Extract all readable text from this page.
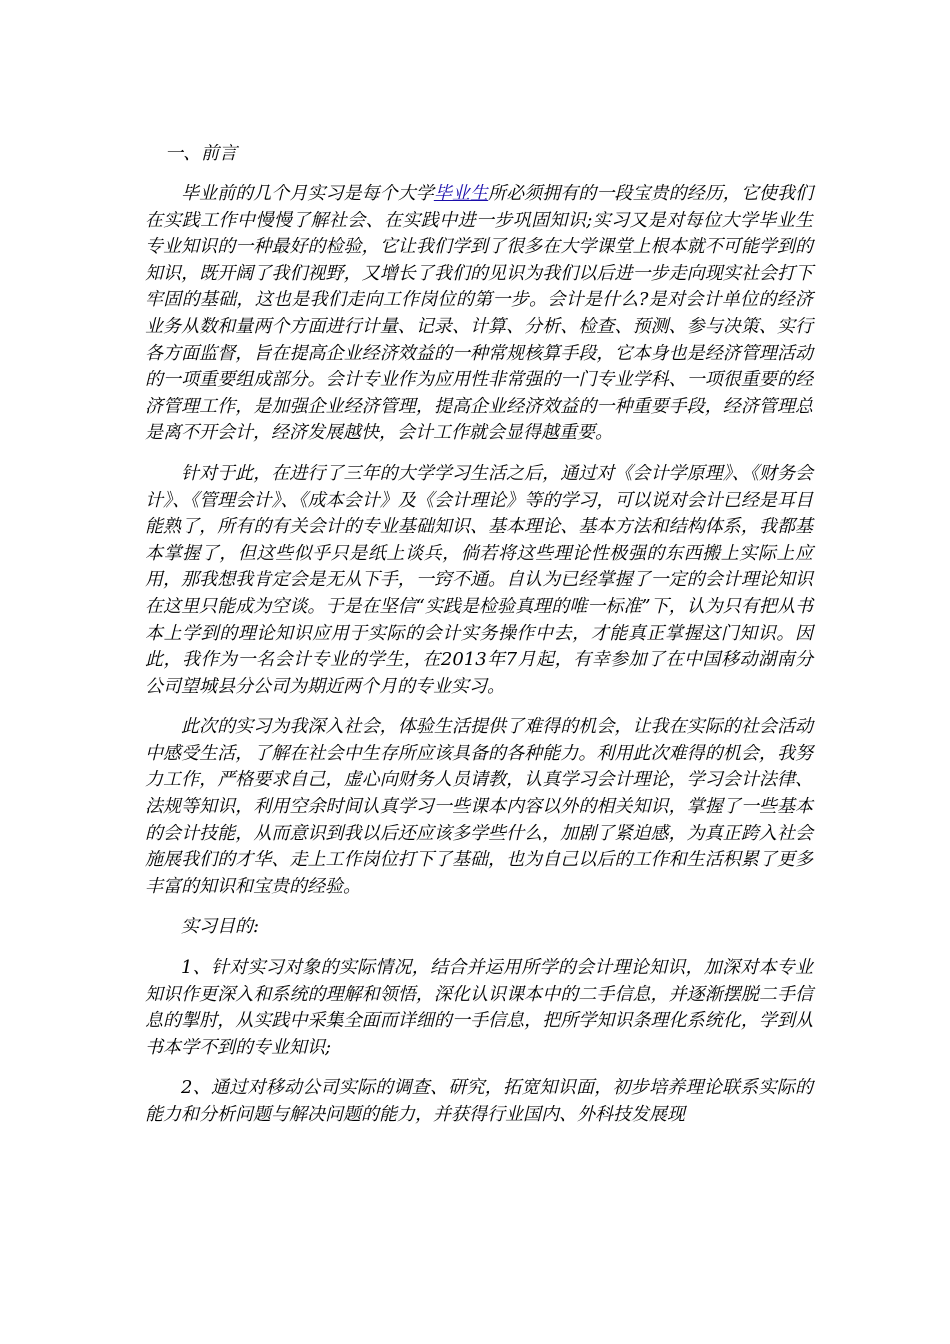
一、前言

毕业前的几个月实习是每个大学毕业生所必须拥有的一段宝贵的经历，它使我们在实践工作中慢慢了解社会、在实践中进一步巩固知识;实习又是对每位大学毕业生专业知识的一种最好的检验，它让我们学到了很多在大学课堂上根本就不可能学到的知识，既开阔了我们视野，又增长了我们的见识为我们以后进一步走向现实社会打下牢固的基础，这也是我们走向工作岗位的第一步。会计是什么?是对会计单位的经济业务从数和量两个方面进行计量、记录、计算、分析、检查、预测、参与决策、实行各方面监督，旨在提高企业经济效益的一种常规核算手段，它本身也是经济管理活动的一项重要组成部分。会计专业作为应用性非常强的一门专业学科、一项很重要的经济管理工作，是加强企业经济管理，提高企业经济效益的一种重要手段，经济管理总是离不开会计，经济发展越快，会计工作就会显得越重要。

针对于此，在进行了三年的大学学习生活之后，通过对《会计学原理》、《财务会计》、《管理会计》、《成本会计》及《会计理论》等的学习，可以说对会计已经是耳目能熟了，所有的有关会计的专业基础知识、基本理论、基本方法和结构体系，我都基本掌握了，但这些似乎只是纸上谈兵，倘若将这些理论性极强的东西搬上实际上应用，那我想我肯定会是无从下手，一窍不通。自认为已经掌握了一定的会计理论知识在这里只能成为空谈。于是在坚信“实践是检验真理的唯一标准”下，认为只有把从书本上学到的理论知识应用于实际的会计实务操作中去，才能真正掌握这门知识。因此，我作为一名会计专业的学生，在2013年7月起，有幸参加了在中国移动湖南分公司望城县分公司为期近两个月的专业实习。

此次的实习为我深入社会，体验生活提供了难得的机会，让我在实际的社会活动中感受生活，了解在社会中生存所应该具备的各种能力。利用此次难得的机会，我努力工作，严格要求自己，虚心向财务人员请教，认真学习会计理论，学习会计法律、法规等知识，利用空余时间认真学习一些课本内容以外的相关知识，掌握了一些基本的会计技能，从而意识到我以后还应该多学些什么，加剧了紧迫感，为真正跨入社会施展我们的才华、走上工作岗位打下了基础，也为自己以后的工作和生活积累了更多丰富的知识和宝贵的经验。

实习目的:

1、针对实习对象的实际情况，结合并运用所学的会计理论知识，加深对本专业知识作更深入和系统的理解和领悟，深化认识课本中的二手信息，并逐渐摆脱二手信息的掣肘，从实践中采集全面而详细的一手信息，把所学知识条理化系统化，学到从书本学不到的专业知识;

2、通过对移动公司实际的调查、研究，拓宽知识面，初步培养理论联系实际的能力和分析问题与解决问题的能力，并获得行业国内、外科技发展现
